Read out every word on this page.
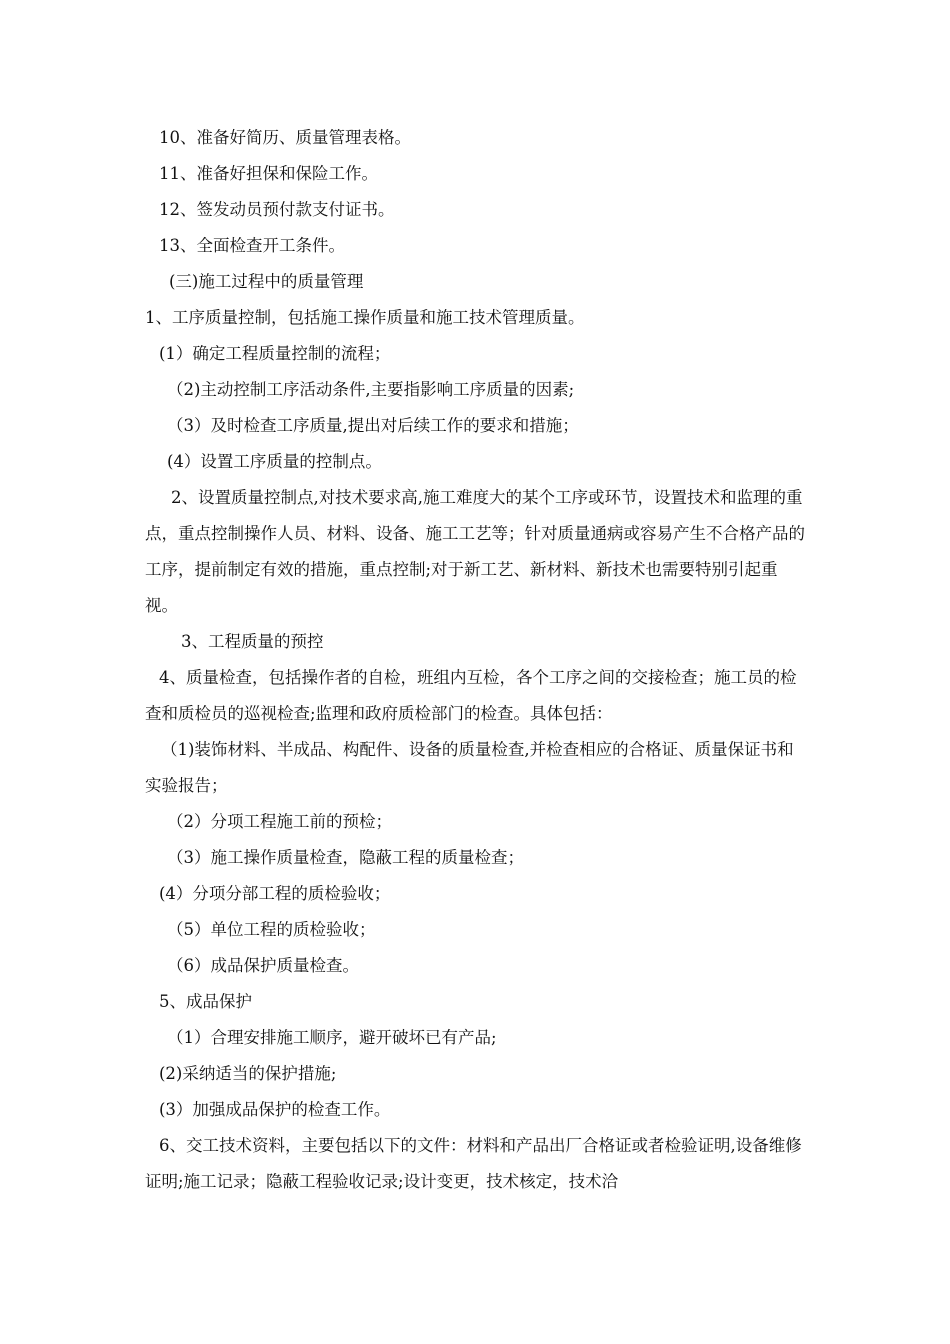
10、准备好简历、质量管理表格。

11、准备好担保和保险工作。

12、签发动员预付款支付证书。

13、全面检查开工条件。

(三)施工过程中的质量管理

1、工序质量控制，包括施工操作质量和施工技术管理质量。

(1）确定工程质量控制的流程；

（2)主动控制工序活动条件,主要指影响工序质量的因素;

（3）及时检查工序质量,提出对后续工作的要求和措施；

(4）设置工序质量的控制点。

2、设置质量控制点,对技术要求高,施工难度大的某个工序或环节，设置技术和监理的重点，重点控制操作人员、材料、设备、施工工艺等；针对质量通病或容易产生不合格产品的工序，提前制定有效的措施，重点控制;对于新工艺、新材料、新技术也需要特别引起重视。

3、工程质量的预控

4、质量检查，包括操作者的自检，班组内互检，各个工序之间的交接检查；施工员的检查和质检员的巡视检查;监理和政府质检部门的检查。具体包括：

（1)装饰材料、半成品、构配件、设备的质量检查,并检查相应的合格证、质量保证书和实验报告；

（2）分项工程施工前的预检；

（3）施工操作质量检查，隐蔽工程的质量检查；

(4）分项分部工程的质检验收；

（5）单位工程的质检验收；

（6）成品保护质量检查。

5、成品保护

（1）合理安排施工顺序，避开破坏已有产品;

(2)采纳适当的保护措施;

(3）加强成品保护的检查工作。

6、交工技术资料，主要包括以下的文件：材料和产品出厂合格证或者检验证明,设备维修证明;施工记录；隐蔽工程验收记录;设计变更，技术核定，技术洽
